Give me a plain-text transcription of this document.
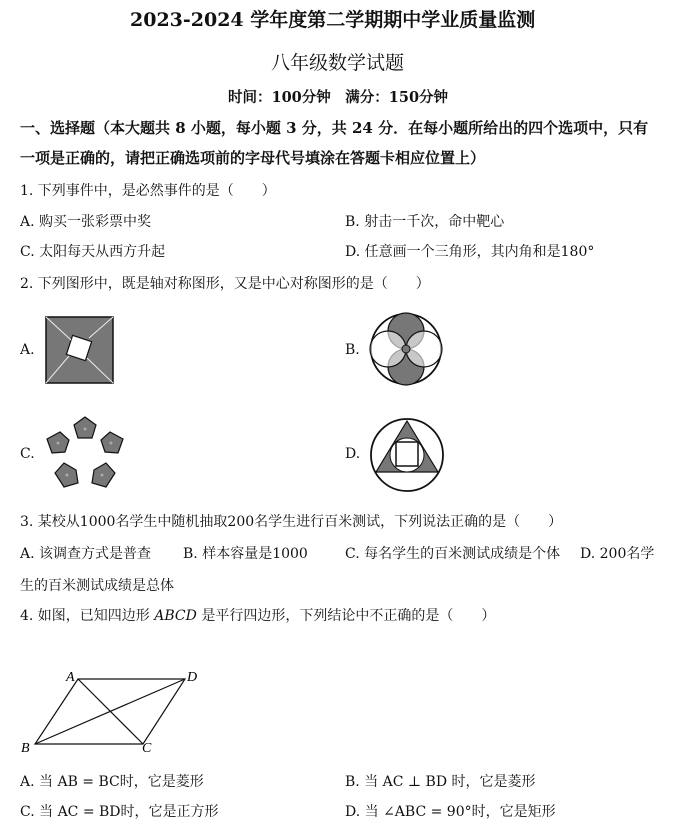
2023-2024 学年度第二学期期中学业质量监测
八年级数学试题
时间：100分钟　满分：150分钟
一、选择题（本大题共 8 小题，每小题 3 分，共 24 分．在每小题所给出的四个选项中，只有
一项是正确的，请把正确选项前的字母代号填涂在答题卡相应位置上）
1. 下列事件中，是必然事件的是（　　）
A. 购买一张彩票中奖	B. 射击一千次，命中靶心
C. 太阳每天从西方升起	D. 任意画一个三角形，其内角和是180°
2. 下列图形中，既是轴对称图形，又是中心对称图形的是（　　）
A.	B.
C.	D.
3. 某校从1000名学生中随机抽取200名学生进行百米测试，下列说法正确的是（　　）
A. 该调查方式是普查 B. 样本容量是1000	C. 每名学生的百米测试成绩是个体 D. 200名学
生的百米测试成绩是总体
4. 如图，已知四边形 ABCD 是平行四边形，下列结论中不正确的是（　　）
A	D
B	C
A. 当 AB = BC时，它是菱形	B. 当 AC ⊥ BD 时，它是菱形
C. 当 AC = BD时，它是正方形	D. 当 ∠ABC = 90°时，它是矩形
